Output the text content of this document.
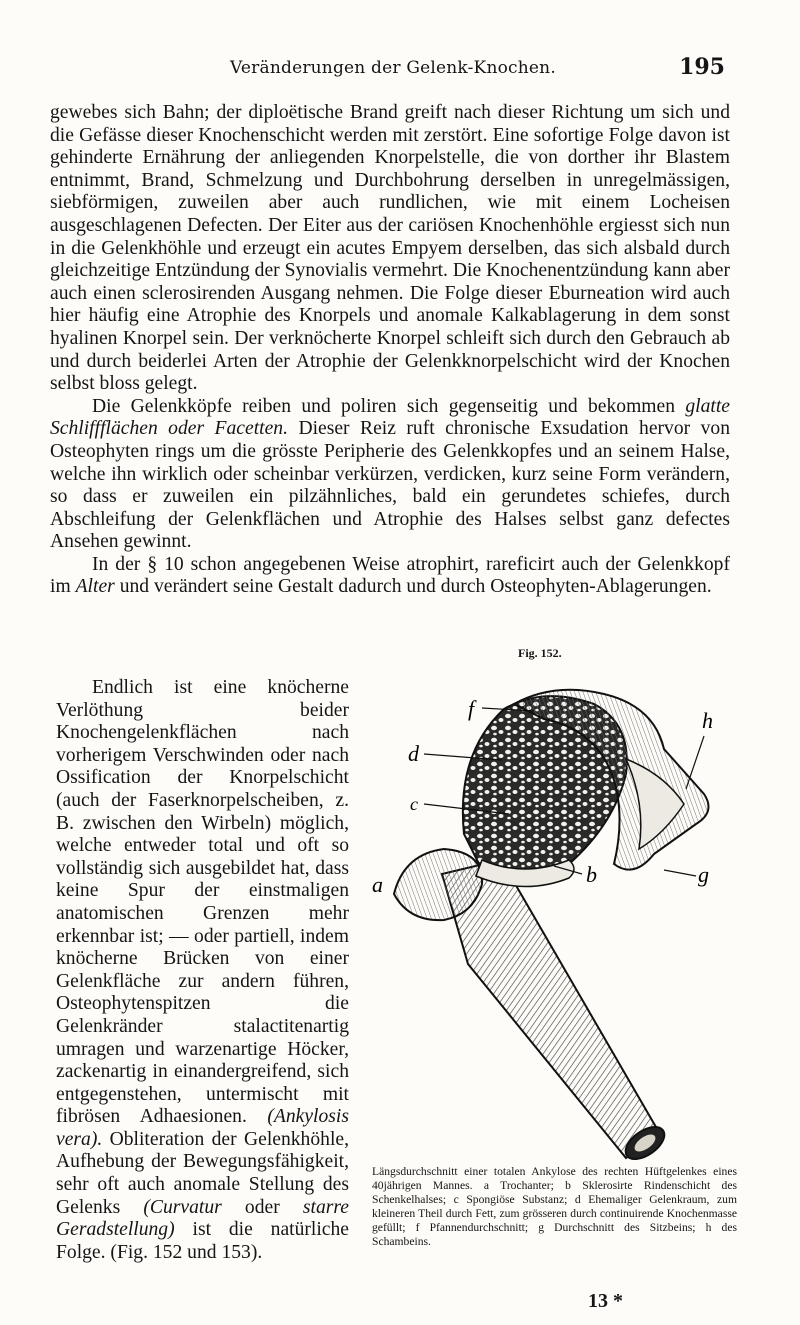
Veränderungen der Gelenk-Knochen.	195

gewebes sich Bahn; der diploëtische Brand greift nach dieser Richtung um sich und die Gefässe dieser Knochenschicht werden mit zerstört. Eine sofortige Folge davon ist gehinderte Ernährung der anliegenden Knorpelstelle, die von dorther ihr Blastem entnimmt, Brand, Schmelzung und Durchbohrung derselben in unregelmässigen, siebförmigen, zuweilen aber auch rundlichen, wie mit einem Locheisen ausgeschlagenen Defecten. Der Eiter aus der cariösen Knochenhöhle ergiesst sich nun in die Gelenkhöhle und erzeugt ein acutes Empyem derselben, das sich alsbald durch gleichzeitige Entzündung der Synovialis vermehrt. Die Knochenentzündung kann aber auch einen sclerosirenden Ausgang nehmen. Die Folge dieser Eburneation wird auch hier häufig eine Atrophie des Knorpels und anomale Kalkablagerung in dem sonst hyalinen Knorpel sein. Der verknöcherte Knorpel schleift sich durch den Gebrauch ab und durch beiderlei Arten der Atrophie der Gelenkknorpelschicht wird der Knochen selbst bloss gelegt.

Die Gelenkköpfe reiben und poliren sich gegenseitig und bekommen glatte Schliffflächen oder Facetten. Dieser Reiz ruft chronische Exsudation hervor von Osteophyten rings um die grösste Peripherie des Gelenkkopfes und an seinem Halse, welche ihn wirklich oder scheinbar verkürzen, verdicken, kurz seine Form verändern, so dass er zuweilen ein pilzähnliches, bald ein gerundetes schiefes, durch Abschleifung der Gelenkflächen und Atrophie des Halses selbst ganz defectes Ansehen gewinnt.

In der § 10 schon angegebenen Weise atrophirt, rareficirt auch der Gelenkkopf im Alter und verändert seine Gestalt dadurch und durch Osteophyten-Ablagerungen.

Fig. 152.

Endlich ist eine knöcherne Verlöthung beider Knochengelenkflächen nach vorherigem Verschwinden oder nach Ossification der Knorpelschicht (auch der Faserknorpelscheiben, z. B. zwischen den Wirbeln) möglich, welche entweder total und oft so vollständig sich ausgebildet hat, dass keine Spur der einstmaligen anatomischen Grenzen mehr erkennbar ist; — oder partiell, indem knöcherne Brücken von einer Gelenkfläche zur andern führen, Osteophytenspitzen die Gelenkränder stalactitenartig umragen und warzenartige Höcker, zackenartig in einandergreifend, sich entgegenstehen, untermischt mit fibrösen Adhaesionen. (Ankylosis vera). Obliteration der Gelenkhöhle, Aufhebung der Bewegungsfähigkeit, sehr oft auch anomale Stellung des Gelenks (Curvatur oder starre Geradstellung) ist die natürliche Folge. (Fig. 152 und 153).

f
d
c
a	b	g
h

Längsdurchschnitt einer totalen Ankylose des rechten Hüftgelenkes eines 40jährigen Mannes. a Trochanter; b Sklerosirte Rindenschicht des Schenkelhalses; c Spongiöse Substanz; d Ehemaliger Gelenkraum, zum kleineren Theil durch Fett, zum grösseren durch continuirende Knochenmasse gefüllt; f Pfannendurchschnitt; g Durchschnitt des Sitzbeins; h des Schambeins.

13 *
